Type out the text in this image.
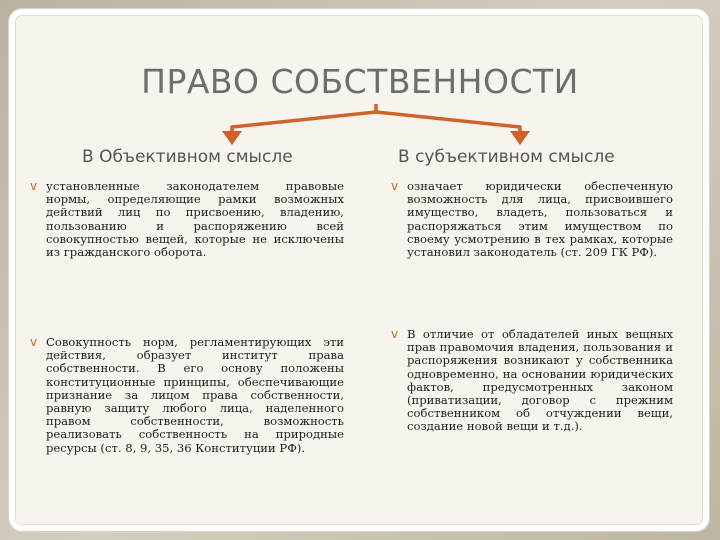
ПРАВО СОБСТВЕННОСТИ
В Объективном смысле	В субъективном смысле
v установленные законодателем правовые нормы, определяющие рамки возможных действий лиц по присвоению, владению, пользованию и распоряжению всей совокупностью вещей, которые не исключены из гражданского оборота.
v Совокупность норм, регламентирующих эти действия, образует институт права собственности. В его основу положены конституционные принципы, обеспечивающие признание за лицом права собственности, равную защиту любого лица, наделенного правом собственности, возможность реализовать собственность на природные ресурсы (ст. 8, 9, 35, 36 Конституции РФ).
v означает юридически обеспеченную возможность для лица, присвоившего имущество, владеть, пользоваться и распоряжаться этим имуществом по своему усмотрению в тех рамках, которые установил законодатель (ст. 209 ГК РФ).
v В отличие от обладателей иных вещных прав правомочия владения, пользования и распоряжения возникают у собственника одновременно, на основании юридических фактов, предусмотренных законом (приватизации, договор с прежним собственником об отчуждении вещи, создание новой вещи и т.д.).
